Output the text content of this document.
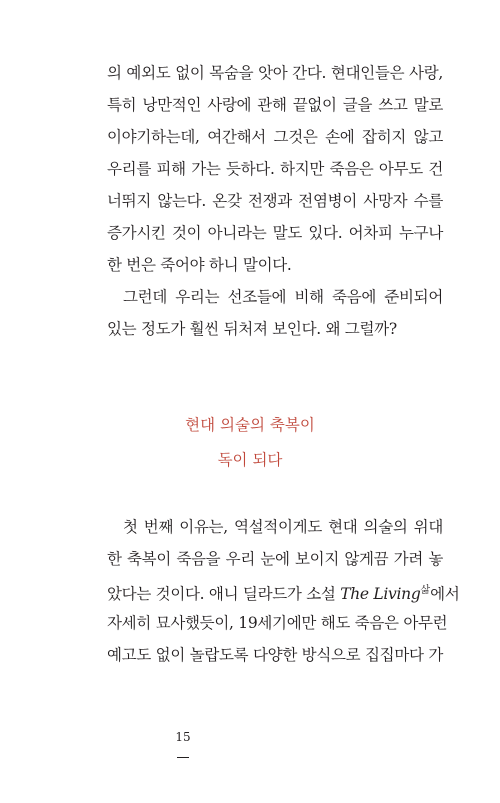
의 예외도 없이 목숨을 앗아 간다. 현대인들은 사랑,
특히 낭만적인 사랑에 관해 끝없이 글을 쓰고 말로
이야기하는데, 여간해서 그것은 손에 잡히지 않고
우리를 피해 가는 듯하다. 하지만 죽음은 아무도 건
너뛰지 않는다. 온갖 전쟁과 전염병이 사망자 수를
증가시킨 것이 아니라는 말도 있다. 어차피 누구나
한 번은 죽어야 하니 말이다.
그런데 우리는 선조들에 비해 죽음에 준비되어
있는 정도가 훨씬 뒤처져 보인다. 왜 그럴까?
현대 의술의 축복이
독이 되다
첫 번째 이유는, 역설적이게도 현대 의술의 위대
한 축복이 죽음을 우리 눈에 보이지 않게끔 가려 놓
았다는 것이다. 애니 딜라드가 소설 The Living$^삶$에서
자세히 묘사했듯이, 19세기에만 해도 죽음은 아무런
예고도 없이 놀랍도록 다양한 방식으로 집집마다 가
15
